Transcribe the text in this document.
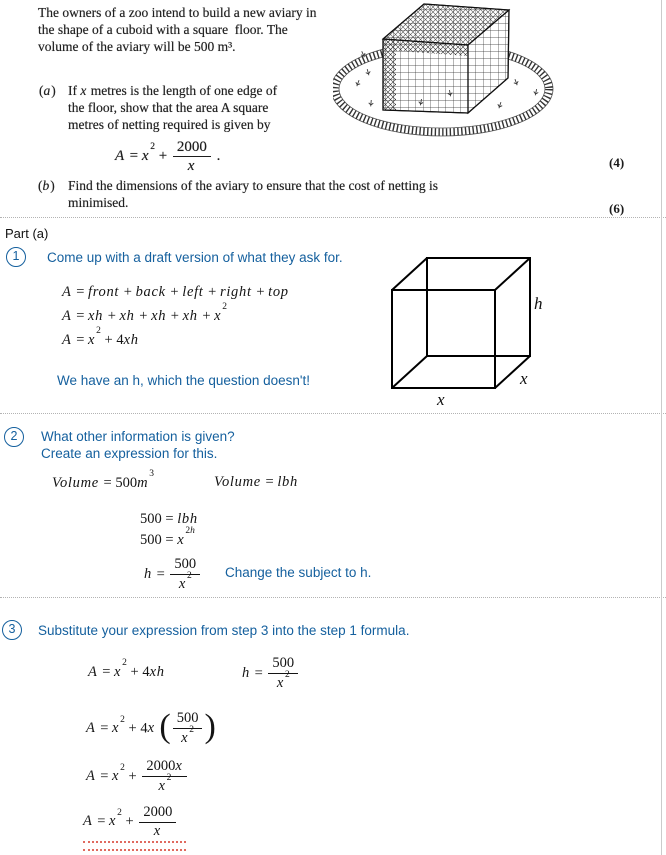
The owners of a zoo intend to build a new aviary in
the shape of a cuboid with a square  floor. The
volume of the aviary will be 500 m³.
(a) If x metres is the length of one edge of
the floor, show that the area A square
metres of netting required is given by
$A = x^2 + \frac{2000}{x}$ .
(b) Find the dimensions of the aviary to ensure that the cost of netting is
minimised.
(4)
(6)
Part (a)
1	Come up with a draft version of what they ask for.
A = front + back + left + right + top
A = xh + xh + xh + xh + $x^2$
$A = x^2 + 4xh$
We have an h, which the question doesn't!
h
x
x
2	What other information is given?
Create an expression for this.
Volume = $500m^3$	Volume = lbh
500 = lbh
$500 = x^{2h}$
$h = \frac{500}{x^2}$ Change the subject to h.
3	Substitute your expression from step 3 into the step 1 formula.
$A = x^2 + 4xh$	$h = \frac{500}{x^2}$
$A = x^2 + 4x$ ( $\frac{500}{x^2}$ )
$A = x^2 + \frac{2000x}{x^2}$
$A = x^2 + \frac{2000}{x}$
